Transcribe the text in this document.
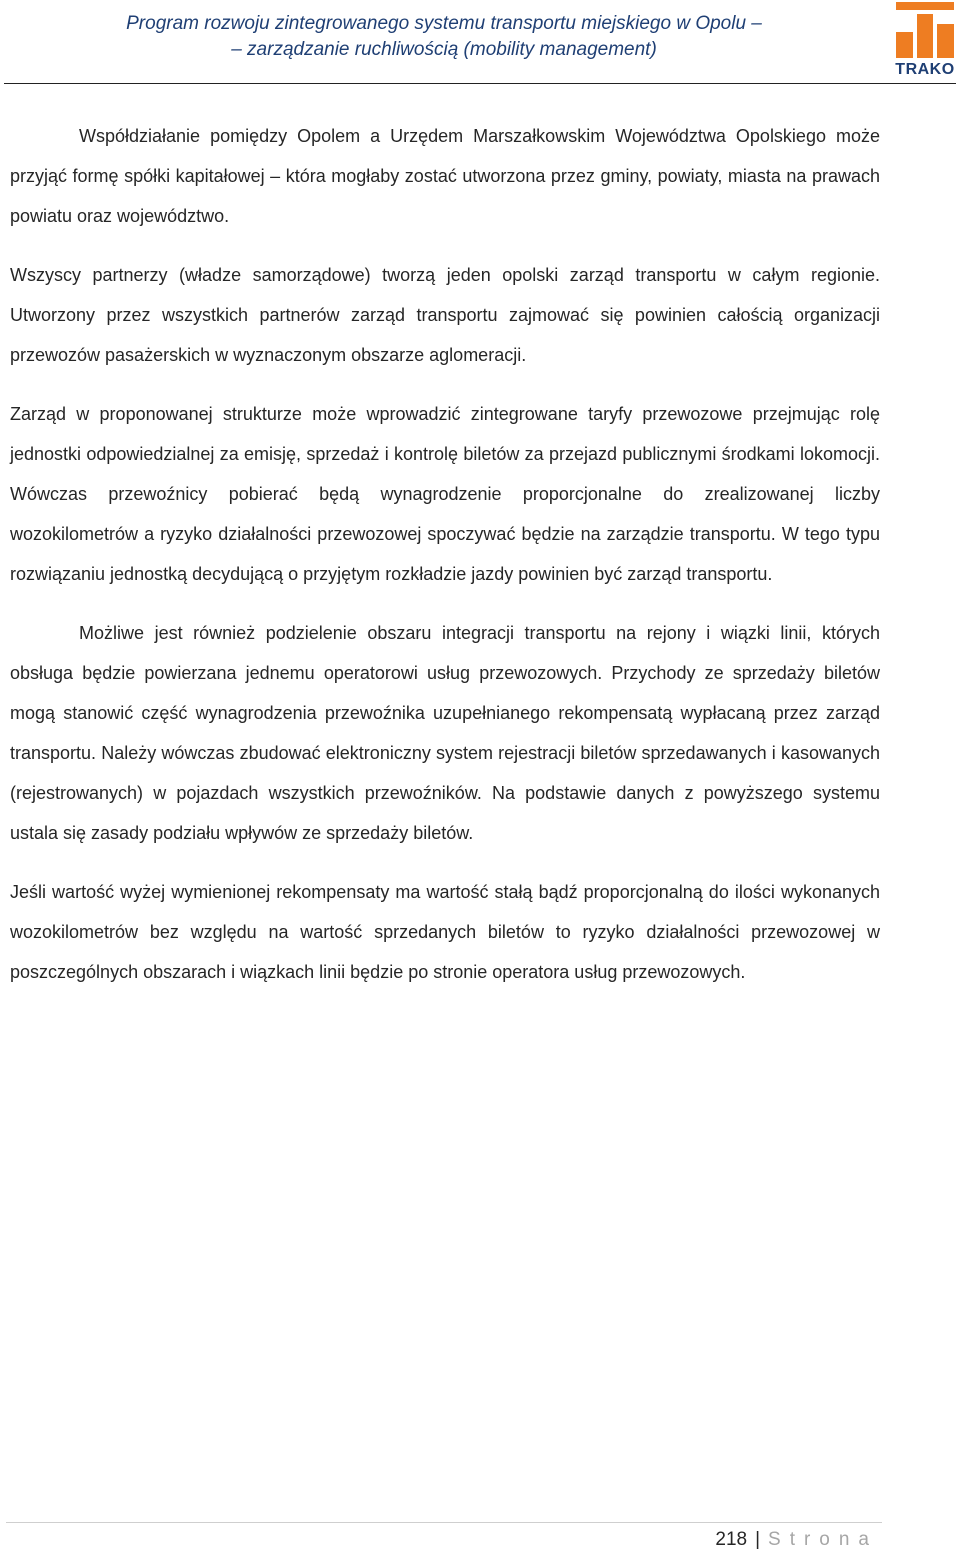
Program rozwoju zintegrowanego systemu transportu miejskiego w Opolu –
– zarządzanie ruchliwością (mobility management)
TRAKO

Współdziałanie pomiędzy Opolem a Urzędem Marszałkowskim Województwa Opolskiego może przyjąć formę spółki kapitałowej – która mogłaby zostać utworzona przez gminy, powiaty, miasta na prawach powiatu oraz województwo.

Wszyscy partnerzy (władze samorządowe) tworzą jeden opolski zarząd transportu w całym regionie. Utworzony przez wszystkich partnerów zarząd transportu zajmować się powinien całością organizacji przewozów pasażerskich w wyznaczonym obszarze aglomeracji.

Zarząd w proponowanej strukturze może wprowadzić zintegrowane taryfy przewozowe przejmując rolę jednostki odpowiedzialnej za emisję, sprzedaż i kontrolę biletów za przejazd publicznymi środkami lokomocji. Wówczas przewoźnicy pobierać będą wynagrodzenie proporcjonalne do zrealizowanej liczby wozokilometrów a ryzyko działalności przewozowej spoczywać będzie na zarządzie transportu. W tego typu rozwiązaniu jednostką decydującą o przyjętym rozkładzie jazdy powinien być zarząd transportu.

Możliwe jest również podzielenie obszaru integracji transportu na rejony i wiązki linii, których obsługa będzie powierzana jednemu operatorowi usług przewozowych. Przychody ze sprzedaży biletów mogą stanowić część wynagrodzenia przewoźnika uzupełnianego rekompensatą wypłacaną przez zarząd transportu. Należy wówczas zbudować elektroniczny system rejestracji biletów sprzedawanych i kasowanych (rejestrowanych) w pojazdach wszystkich przewoźników. Na podstawie danych z powyższego systemu ustala się zasady podziału wpływów ze sprzedaży biletów.

Jeśli wartość wyżej wymienionej rekompensaty ma wartość stałą bądź proporcjonalną do ilości wykonanych wozokilometrów bez względu na wartość sprzedanych biletów to ryzyko działalności przewozowej w poszczególnych obszarach i wiązkach linii będzie po stronie operatora usług przewozowych.

218 | Strona
